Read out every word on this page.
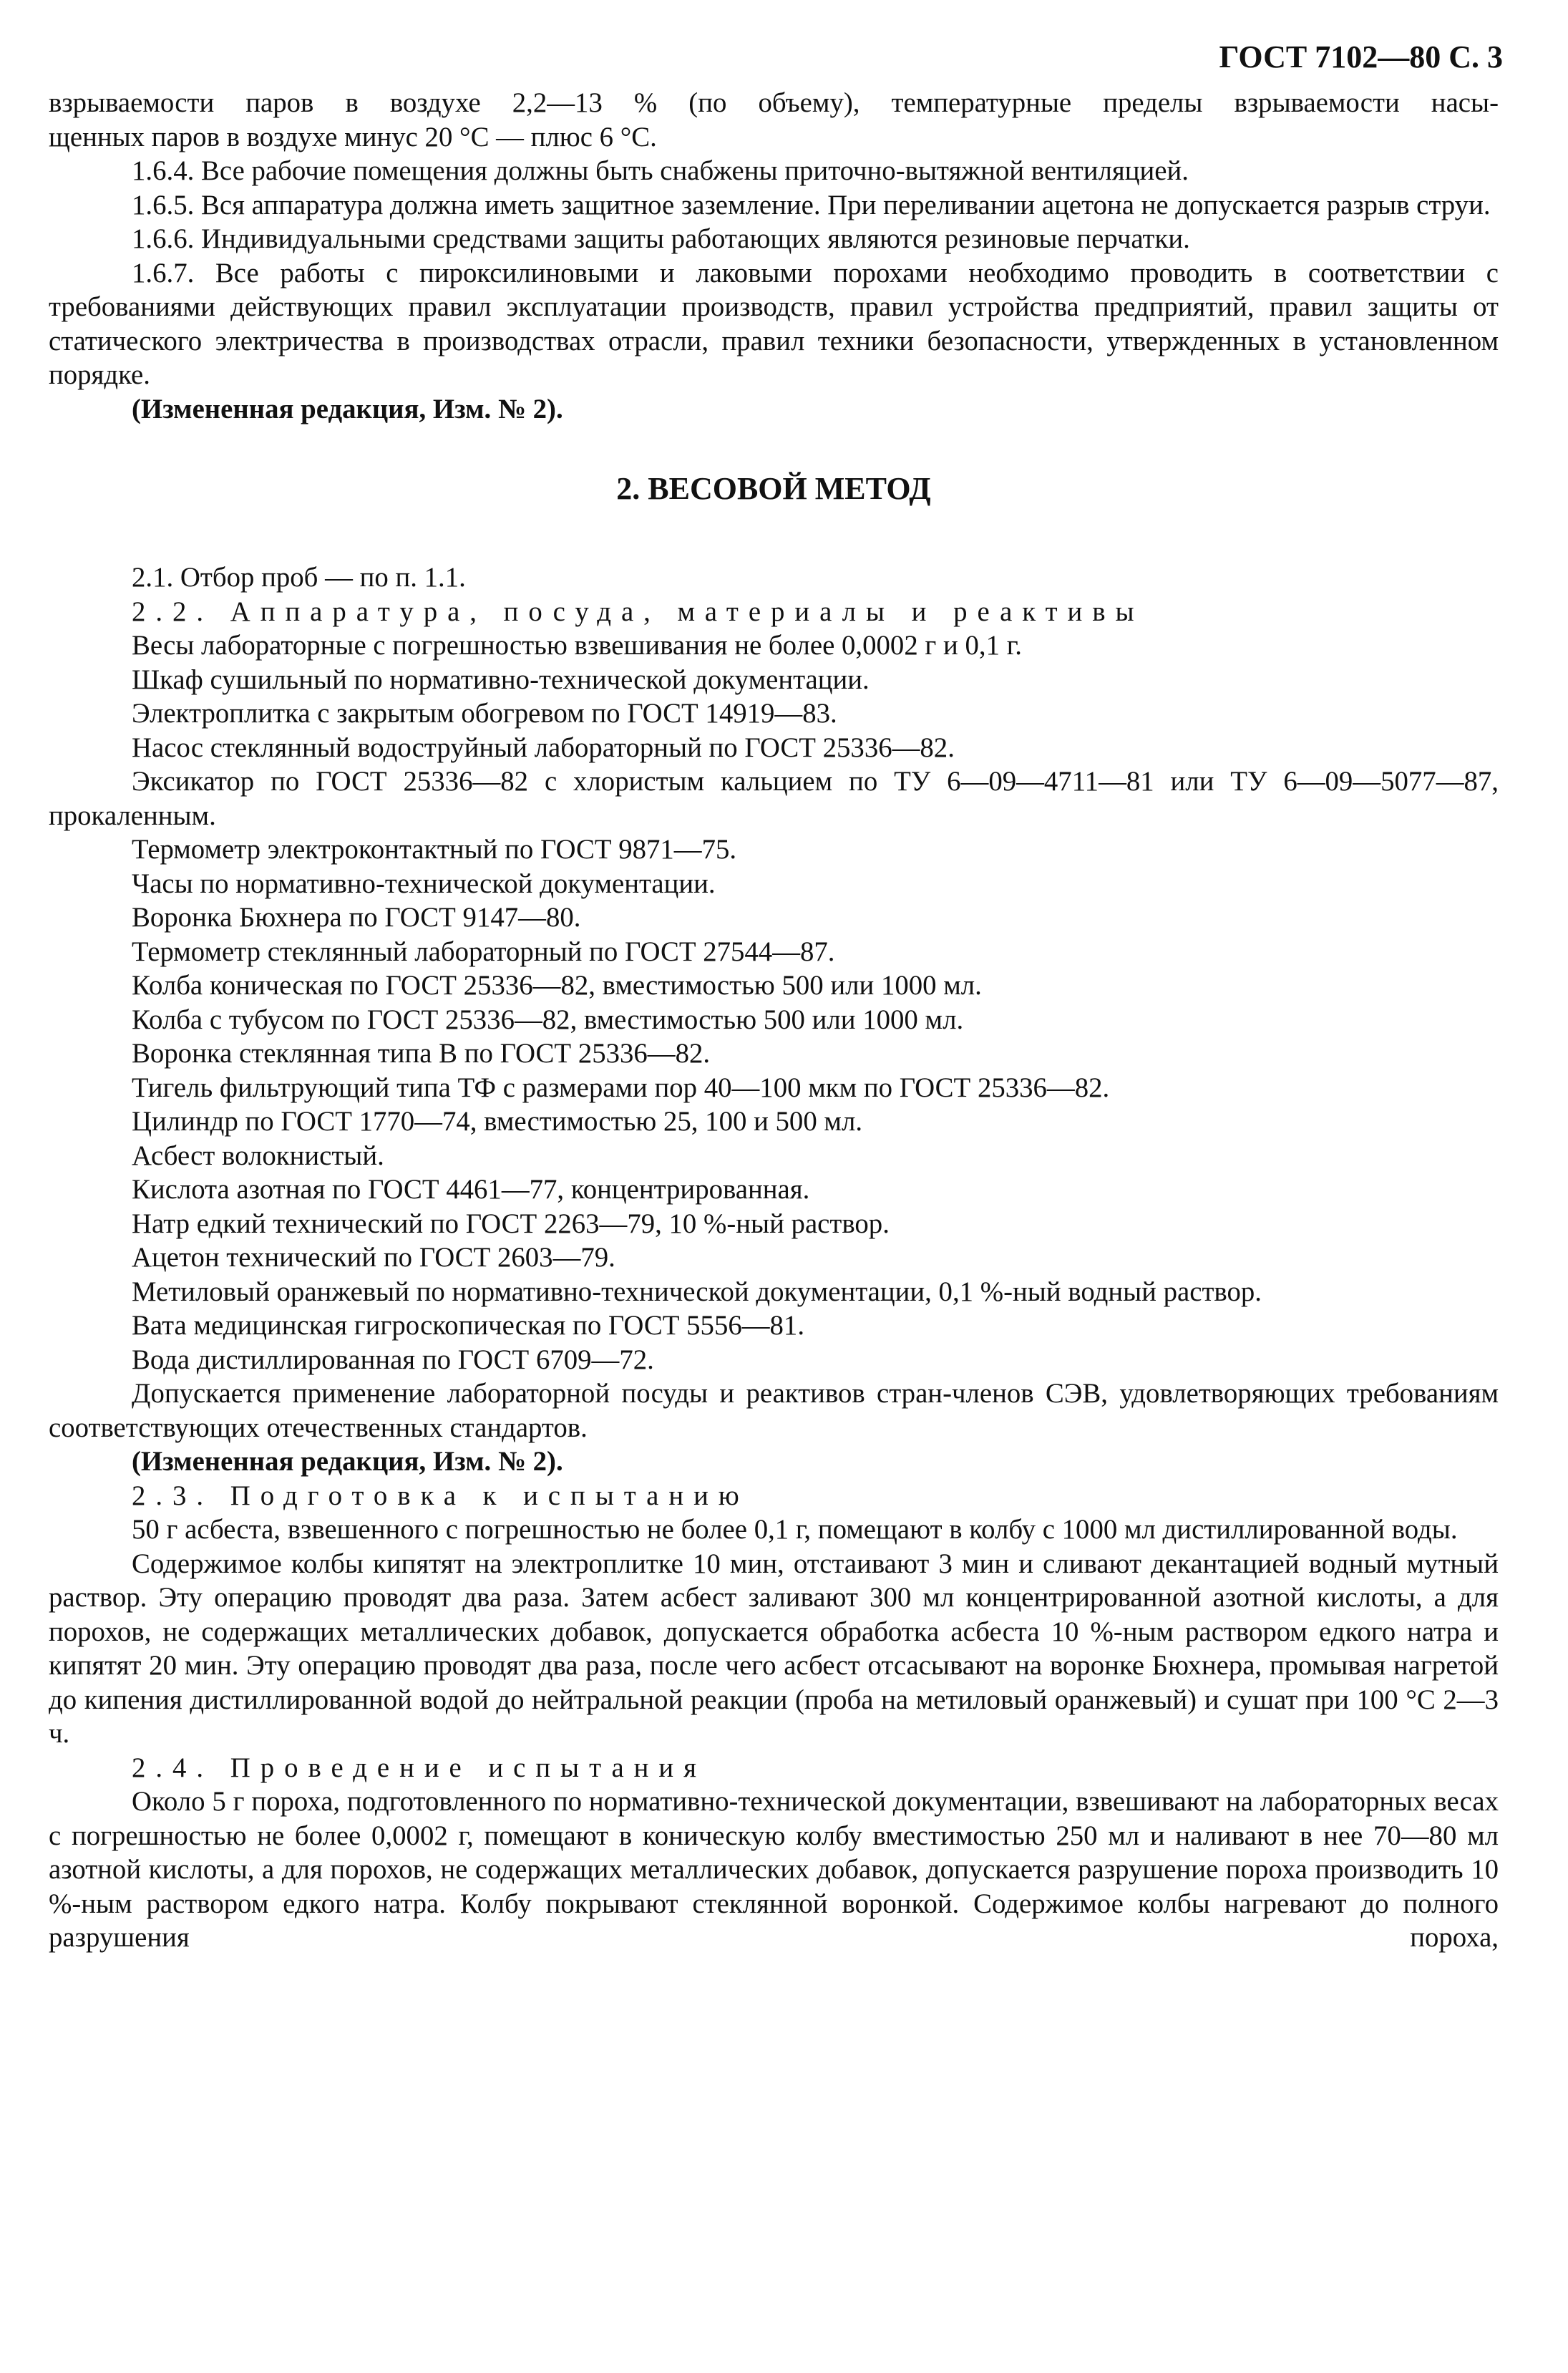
ГОСТ 7102—80 С. 3

взрываемости паров в воздухе 2,2—13 % (по объему), температурные пределы взрываемости насы-

щенных паров в воздухе минус 20 °С — плюс 6 °С.

1.6.4. Все рабочие помещения должны быть снабжены приточно-вытяжной вентиляцией.

1.6.5. Вся аппаратура должна иметь защитное заземление. При переливании ацетона не допускается разрыв струи.

1.6.6. Индивидуальными средствами защиты работающих являются резиновые перчатки.

1.6.7. Все работы с пироксилиновыми и лаковыми порохами необходимо проводить в соответствии с требованиями действующих правил эксплуатации производств, правил устройства предприятий, правил защиты от статического электричества в производствах отрасли, правил техники безопасности, утвержденных в установленном порядке.

(Измененная редакция, Изм. № 2).

2. ВЕСОВОЙ МЕТОД

2.1. Отбор проб — по п. 1.1.

2.2. Аппаратура, посуда, материалы и реактивы

Весы лабораторные с погрешностью взвешивания не более 0,0002 г и 0,1 г.

Шкаф сушильный по нормативно-технической документации.

Электроплитка с закрытым обогревом по ГОСТ 14919—83.

Насос стеклянный водоструйный лабораторный по ГОСТ 25336—82.

Эксикатор по ГОСТ 25336—82 с хлористым кальцием по ТУ 6—09—4711—81 или ТУ 6—09—5077—87, прокаленным.

Термометр электроконтактный по ГОСТ 9871—75.

Часы по нормативно-технической документации.

Воронка Бюхнера по ГОСТ 9147—80.

Термометр стеклянный лабораторный по ГОСТ 27544—87.

Колба коническая по ГОСТ 25336—82, вместимостью 500 или 1000 мл.

Колба с тубусом по ГОСТ 25336—82, вместимостью 500 или 1000 мл.

Воронка стеклянная типа В по ГОСТ 25336—82.

Тигель фильтрующий типа ТФ с размерами пор 40—100 мкм по ГОСТ 25336—82.

Цилиндр по ГОСТ 1770—74, вместимостью 25, 100 и 500 мл.

Асбест волокнистый.

Кислота азотная по ГОСТ 4461—77, концентрированная.

Натр едкий технический по ГОСТ 2263—79, 10 %-ный раствор.

Ацетон технический по ГОСТ 2603—79.

Метиловый оранжевый по нормативно-технической документации, 0,1 %-ный водный раствор.

Вата медицинская гигроскопическая по ГОСТ 5556—81.

Вода дистиллированная по ГОСТ 6709—72.

Допускается применение лабораторной посуды и реактивов стран-членов СЭВ, удовлетворяющих требованиям соответствующих отечественных стандартов.

(Измененная редакция, Изм. № 2).

2.3. Подготовка к испытанию

50 г асбеста, взвешенного с погрешностью не более 0,1 г, помещают в колбу с 1000 мл дистиллированной воды.

Содержимое колбы кипятят на электроплитке 10 мин, отстаивают 3 мин и сливают декантацией водный мутный раствор. Эту операцию проводят два раза. Затем асбест заливают 300 мл концентрированной азотной кислоты, а для порохов, не содержащих металлических добавок, допускается обработка асбеста 10 %-ным раствором едкого натра и кипятят 20 мин. Эту операцию проводят два раза, после чего асбест отсасывают на воронке Бюхнера, промывая нагретой до кипения дистиллированной водой до нейтральной реакции (проба на метиловый оранжевый) и сушат при 100 °С 2—3 ч.

2.4. Проведение испытания

Около 5 г пороха, подготовленного по нормативно-технической документации, взвешивают на лабораторных весах с погрешностью не более 0,0002 г, помещают в коническую колбу вместимостью 250 мл и наливают в нее 70—80 мл азотной кислоты, а для порохов, не содержащих металлических добавок, допускается разрушение пороха производить 10 %-ным раствором едкого натра. Колбу покрывают стеклянной воронкой. Содержимое колбы нагревают до полного разрушения пороха,
